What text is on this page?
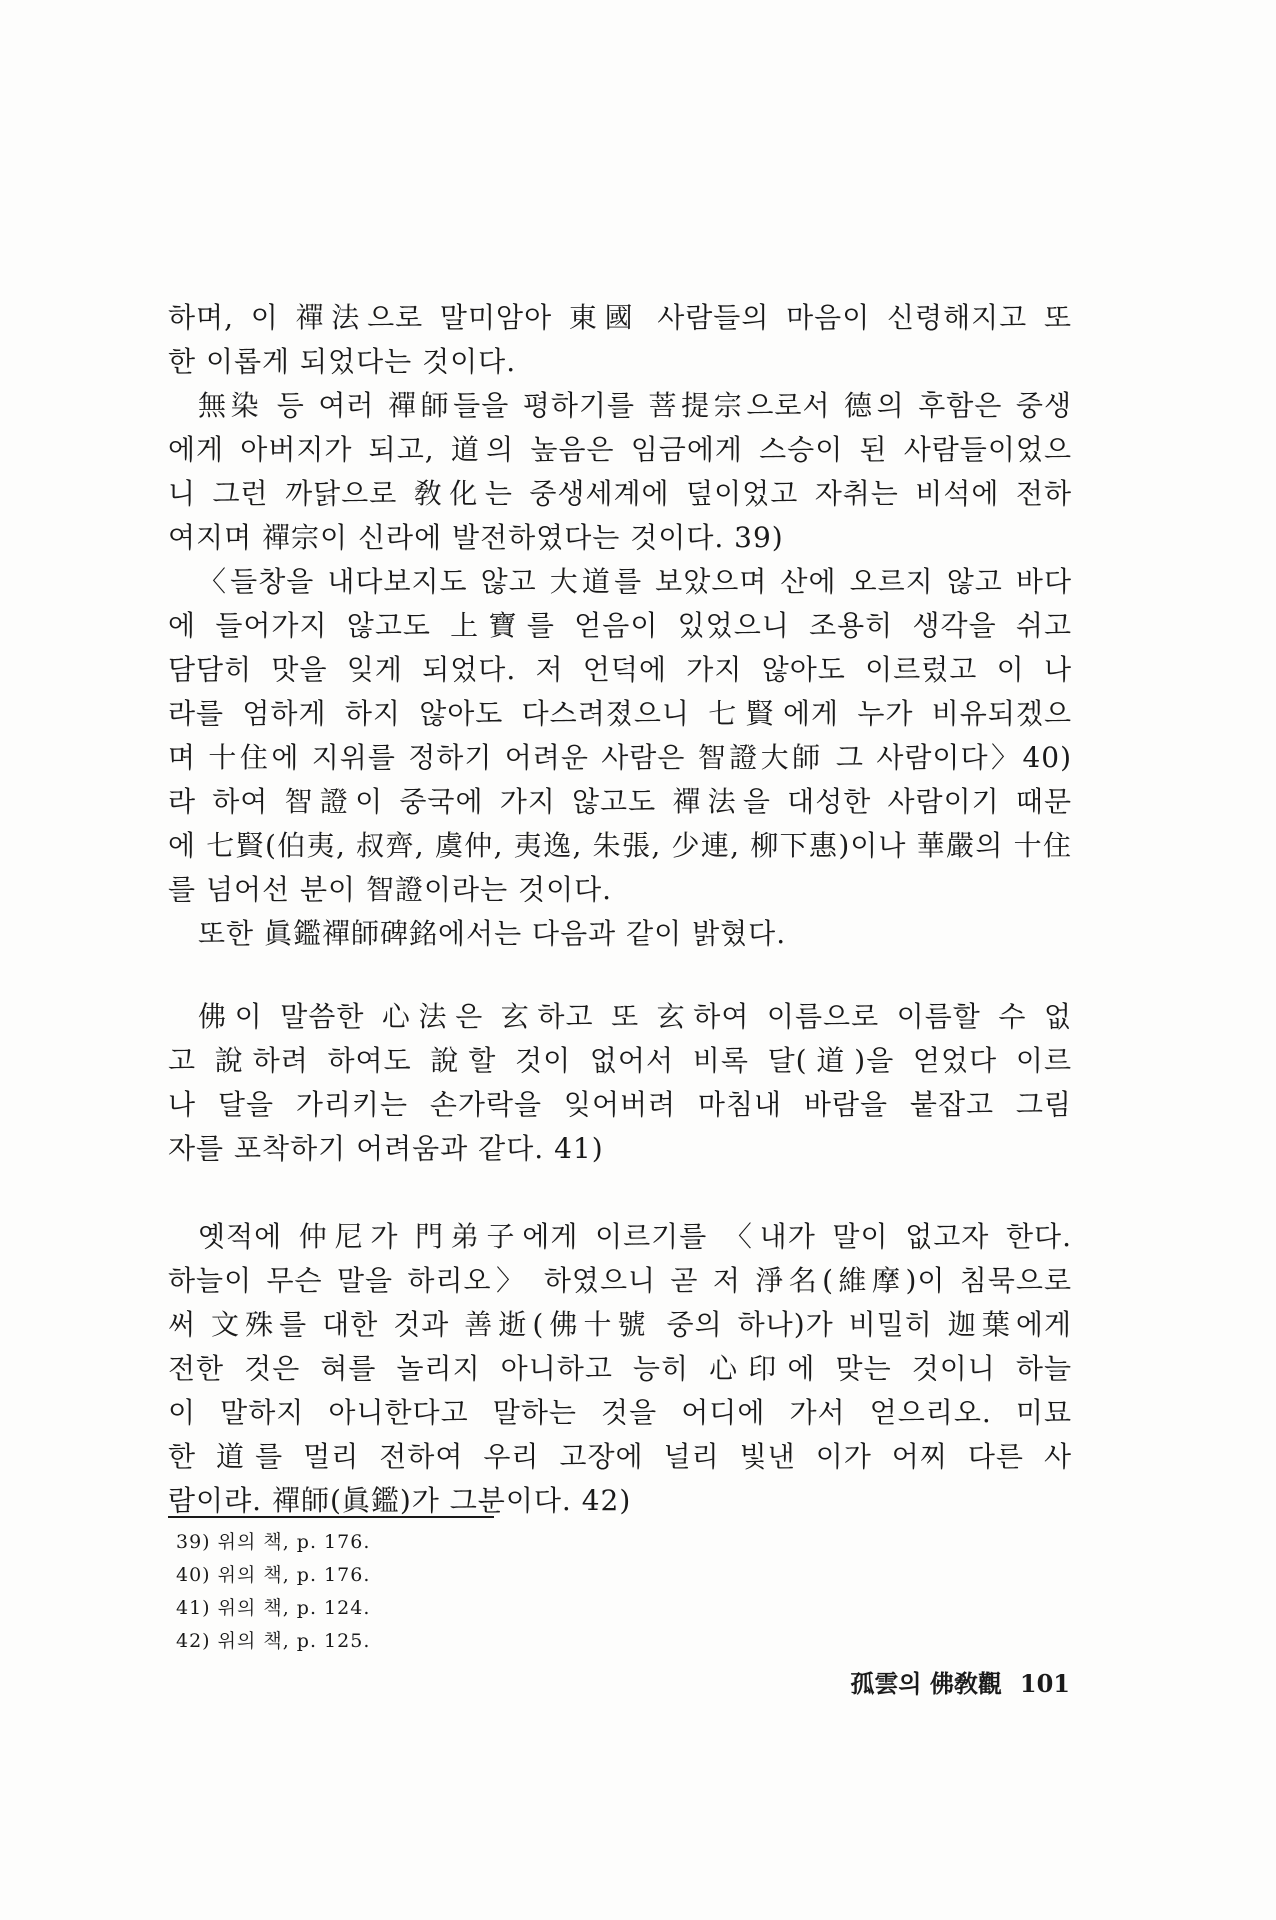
하며, 이 禪法으로 말미암아 東國 사람들의 마음이 신령해지고 또

한 이롭게 되었다는 것이다.

無染 등 여러 禪師들을 평하기를 菩提宗으로서 德의 후함은 중생

에게 아버지가 되고, 道의 높음은 임금에게 스승이 된 사람들이었으

니 그런 까닭으로 敎化는 중생세계에 덮이었고 자취는 비석에 전하

여지며 禪宗이 신라에 발전하였다는 것이다. 39)

〈들창을 내다보지도 않고 大道를 보았으며 산에 오르지 않고 바다

에 들어가지 않고도 上寶를 얻음이 있었으니 조용히 생각을 쉬고

담담히 맛을 잊게 되었다. 저 언덕에 가지 않아도 이르렀고 이 나

라를 엄하게 하지 않아도 다스려졌으니 七賢에게 누가 비유되겠으

며 十住에 지위를 정하기 어려운 사람은 智證大師 그 사람이다〉40)

라 하여 智證이 중국에 가지 않고도 禪法을 대성한 사람이기 때문

에 七賢(伯夷, 叔齊, 虞仲, 夷逸, 朱張, 少連, 柳下惠)이나 華嚴의 十住

를 넘어선 분이 智證이라는 것이다.

또한 眞鑑禪師碑銘에서는 다음과 같이 밝혔다.

佛이 말씀한 心法은 玄하고 또 玄하여 이름으로 이름할 수 없

고 說하려 하여도 說할 것이 없어서 비록 달(道)을 얻었다 이르

나 달을 가리키는 손가락을 잊어버려 마침내 바람을 붙잡고 그림

자를 포착하기 어려움과 같다. 41)

옛적에 仲尼가 門弟子에게 이르기를 〈내가 말이 없고자 한다.

하늘이 무슨 말을 하리오〉 하였으니 곧 저 淨名(維摩)이 침묵으로

써 文殊를 대한 것과 善逝(佛十號 중의 하나)가 비밀히 迦葉에게

전한 것은 혀를 놀리지 아니하고 능히 心印에 맞는 것이니 하늘

이 말하지 아니한다고 말하는 것을 어디에 가서 얻으리오. 미묘

한 道를 멀리 전하여 우리 고장에 널리 빛낸 이가 어찌 다른 사

람이랴. 禪師(眞鑑)가 그분이다. 42)

39) 위의 책, p. 176.

40) 위의 책, p. 176.

41) 위의 책, p. 124.

42) 위의 책, p. 125.

孤雲의 佛敎觀 101
